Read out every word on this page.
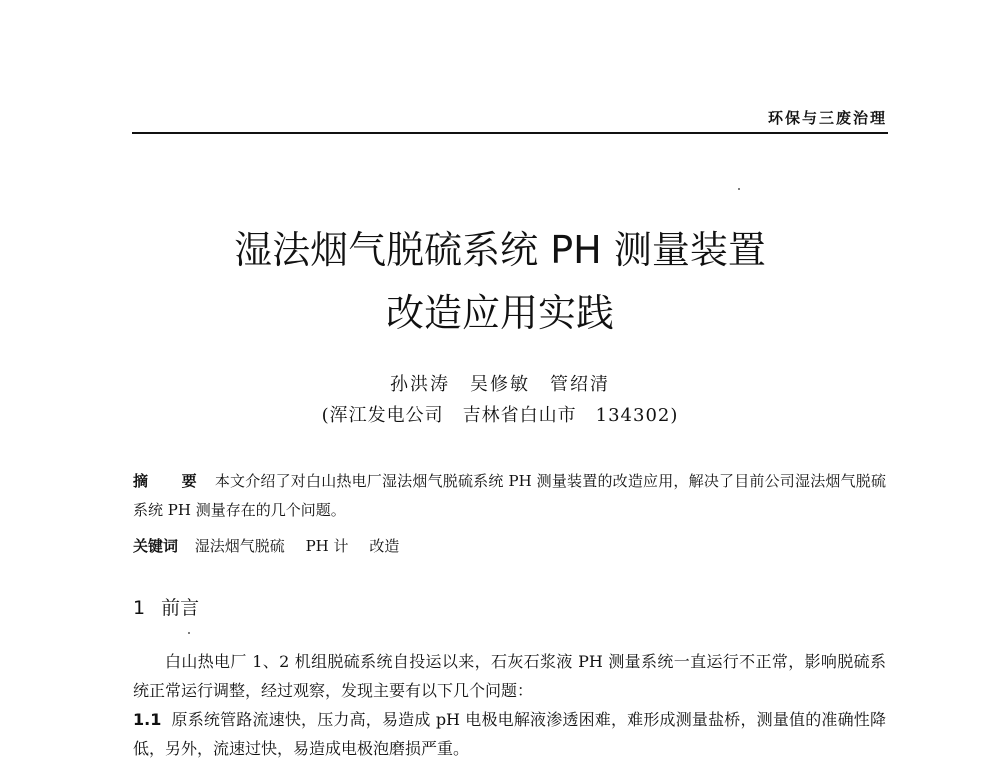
环保与三废治理
湿法烟气脱硫系统 PH 测量装置
改造应用实践
孙洪涛　吴修敏　管绍清
(浑江发电公司　吉林省白山市　134302)
摘 要 本文介绍了对白山热电厂湿法烟气脱硫系统 PH 测量装置的改造应用，解决了目前公司湿法烟气脱硫系统 PH 测量存在的几个问题。
关键词 湿法烟气脱硫 PH 计 改造
1 前言
白山热电厂 1、2 机组脱硫系统自投运以来，石灰石浆液 PH 测量系统一直运行不正常，影响脱硫系统正常运行调整，经过观察，发现主要有以下几个问题：
1.1 原系统管路流速快，压力高，易造成 pH 电极电解液渗透困难，难形成测量盐桥，测量值的准确性降低，另外，流速过快，易造成电极泡磨损严重。
